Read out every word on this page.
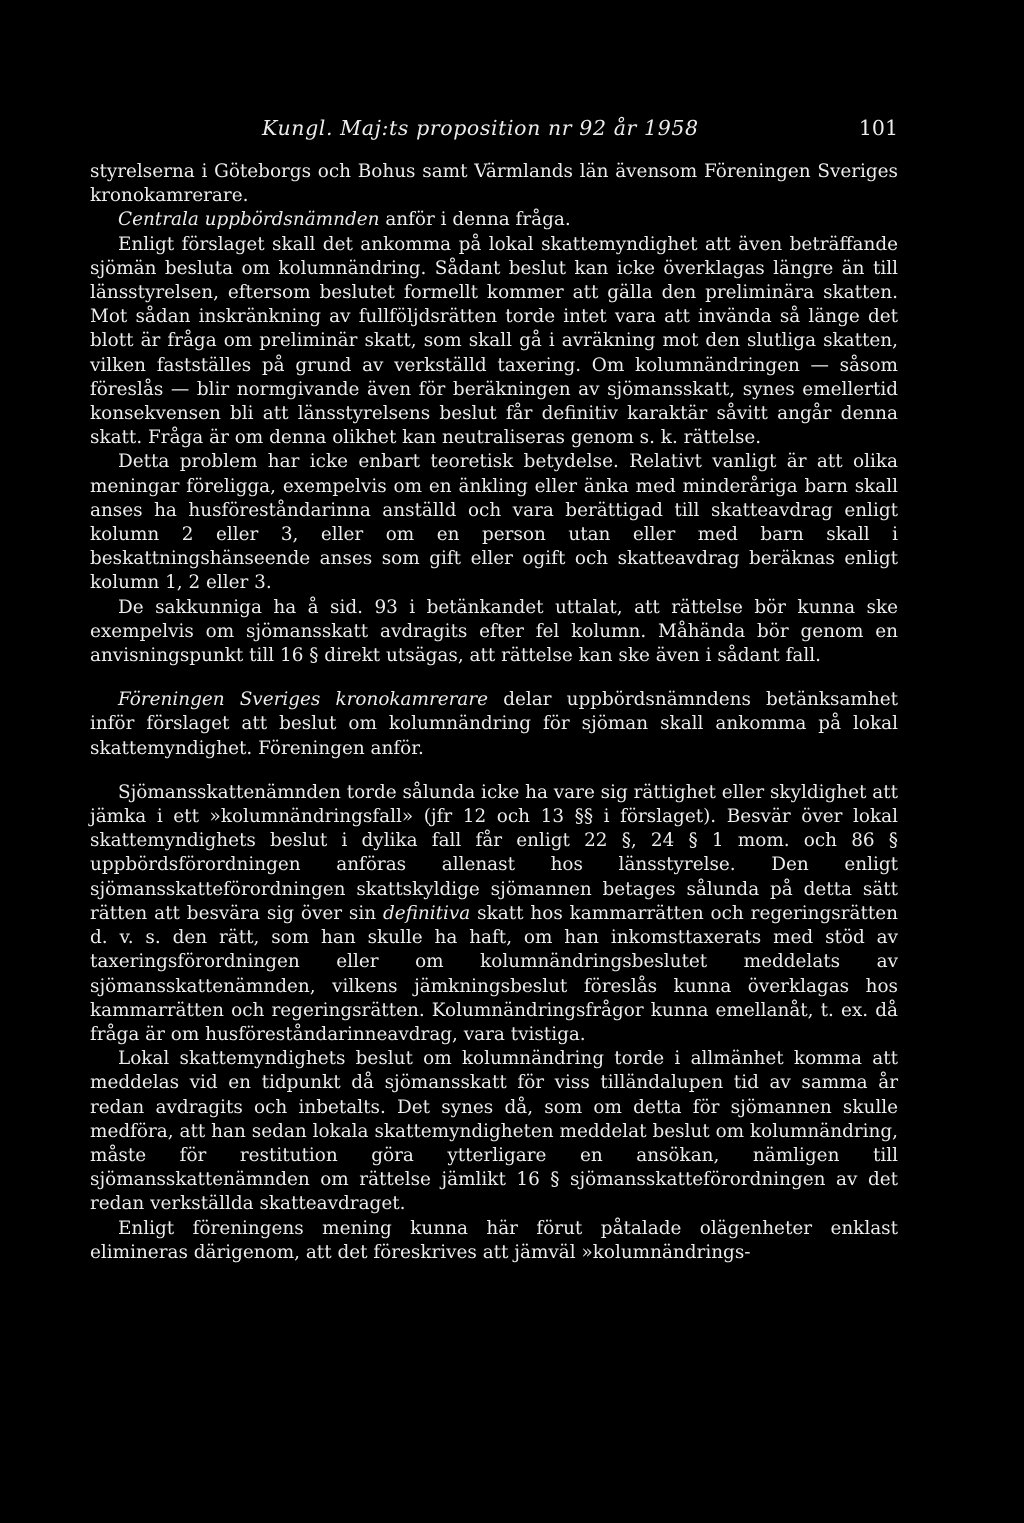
Kungl. Maj:ts proposition nr 92 år 1958	101

styrelserna i Göteborgs och Bohus samt Värmlands län ävensom Föreningen Sveriges kronokamrerare.

Centrala uppbördsnämnden anför i denna fråga.

Enligt förslaget skall det ankomma på lokal skattemyndighet att även beträffande sjömän besluta om kolumnändring. Sådant beslut kan icke överklagas längre än till länsstyrelsen, eftersom beslutet formellt kommer att gälla den preliminära skatten. Mot sådan inskränkning av fullföljdsrätten torde intet vara att invända så länge det blott är fråga om preliminär skatt, som skall gå i avräkning mot den slutliga skatten, vilken fastställes på grund av verkställd taxering. Om kolumnändringen — såsom föreslås — blir normgivande även för beräkningen av sjömansskatt, synes emellertid konsekvensen bli att länsstyrelsens beslut får definitiv karaktär såvitt angår denna skatt. Fråga är om denna olikhet kan neutraliseras genom s. k. rättelse.

Detta problem har icke enbart teoretisk betydelse. Relativt vanligt är att olika meningar föreligga, exempelvis om en änkling eller änka med minderåriga barn skall anses ha husföreståndarinna anställd och vara berättigad till skatteavdrag enligt kolumn 2 eller 3, eller om en person utan eller med barn skall i beskattningshänseende anses som gift eller ogift och skatteavdrag beräknas enligt kolumn 1, 2 eller 3.

De sakkunniga ha å sid. 93 i betänkandet uttalat, att rättelse bör kunna ske exempelvis om sjömansskatt avdragits efter fel kolumn. Måhända bör genom en anvisningspunkt till 16 § direkt utsägas, att rättelse kan ske även i sådant fall.

Föreningen Sveriges kronokamrerare delar uppbördsnämndens betänksamhet inför förslaget att beslut om kolumnändring för sjöman skall ankomma på lokal skattemyndighet. Föreningen anför.

Sjömansskattenämnden torde sålunda icke ha vare sig rättighet eller skyldighet att jämka i ett »kolumnändringsfall» (jfr 12 och 13 §§ i förslaget). Besvär över lokal skattemyndighets beslut i dylika fall får enligt 22 §, 24 § 1 mom. och 86 § uppbördsförordningen anföras allenast hos länsstyrelse. Den enligt sjömansskatteförordningen skattskyldige sjömannen betages sålunda på detta sätt rätten att besvära sig över sin definitiva skatt hos kammarrätten och regeringsrätten d. v. s. den rätt, som han skulle ha haft, om han inkomsttaxerats med stöd av taxeringsförordningen eller om kolumnändringsbeslutet meddelats av sjömansskattenämnden, vilkens jämkningsbeslut föreslås kunna överklagas hos kammarrätten och regeringsrätten. Kolumnändringsfrågor kunna emellanåt, t. ex. då fråga är om husföreståndarinneavdrag, vara tvistiga.

Lokal skattemyndighets beslut om kolumnändring torde i allmänhet komma att meddelas vid en tidpunkt då sjömansskatt för viss tilländalupen tid av samma år redan avdragits och inbetalts. Det synes då, som om detta för sjömannen skulle medföra, att han sedan lokala skattemyndigheten meddelat beslut om kolumnändring, måste för restitution göra ytterligare en ansökan, nämligen till sjömansskattenämnden om rättelse jämlikt 16 § sjömansskatteförordningen av det redan verkställda skatteavdraget.

Enligt föreningens mening kunna här förut påtalade olägenheter enklast elimineras därigenom, att det föreskrives att jämväl »kolumnändrings-
